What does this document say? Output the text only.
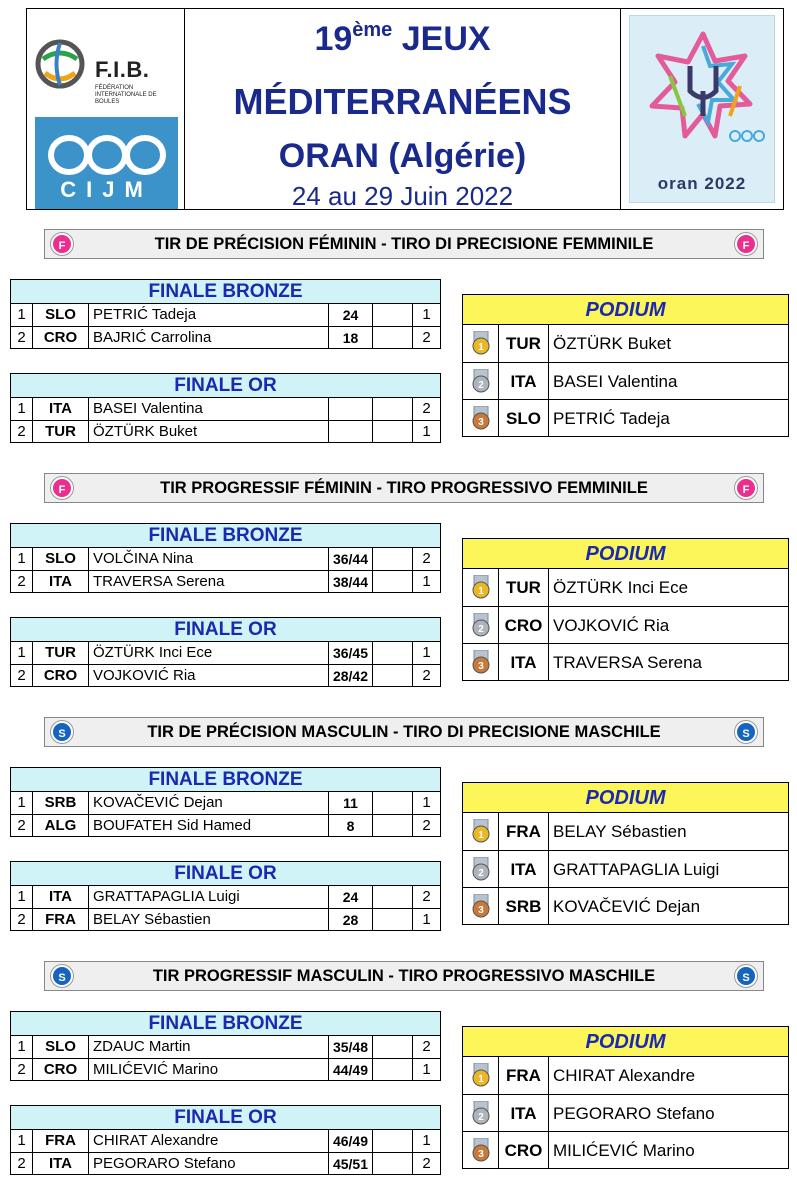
F.I.B.
FÉDÉRATION INTERNATIONALE DE BOULES
CIJM
19ème JEUX
MÉDITERRANÉENS
ORAN (Algérie)
24 au 29 Juin 2022	oran 2022
TIR DE PRÉCISION FÉMININ - TIRO DI PRECISIONE FEMMINILE
F	F
FINALE BRONZE
1	SLO	PETRIĆ Tadeja	24	1
2	CRO	BAJRIĆ Carrolina	18	2
FINALE OR
1	ITA	BASEI Valentina	2
2	TUR	ÖZTÜRK Buket	1
PODIUM
1	TUR ÖZTÜRK Buket
2	ITA BASEI Valentina
3	SLO PETRIĆ Tadeja
TIR PROGRESSIF FÉMININ - TIRO PROGRESSIVO FEMMINILE
F	F
FINALE BRONZE
1	SLO	VOLČINA Nina	36/44	2
2	ITA	TRAVERSA Serena	38/44	1
FINALE OR
1	TUR	ÖZTÜRK Inci Ece	36/45	1
2	CRO	VOJKOVIĆ Ria	28/42	2
PODIUM
1	TUR ÖZTÜRK Inci Ece
2	CRO VOJKOVIĆ Ria
3	ITA TRAVERSA Serena
TIR DE PRÉCISION MASCULIN - TIRO DI PRECISIONE MASCHILE
S	S
FINALE BRONZE
1	SRB	KOVAČEVIĆ Dejan	11	1
2	ALG	BOUFATEH Sid Hamed	8	2
FINALE OR
1	ITA	GRATTAPAGLIA Luigi	24	2
2	FRA	BELAY Sébastien	28	1
PODIUM
1	FRA BELAY Sébastien
2	ITA GRATTAPAGLIA Luigi
3	SRB KOVAČEVIĆ Dejan
TIR PROGRESSIF MASCULIN - TIRO PROGRESSIVO MASCHILE
S	S
FINALE BRONZE
1	SLO	ZDAUC Martin	35/48	2
2	CRO	MILIĆEVIĆ Marino	44/49	1
FINALE OR
1	FRA	CHIRAT Alexandre	46/49	1
2	ITA	PEGORARO Stefano	45/51	2
PODIUM
1	FRA CHIRAT Alexandre
2	ITA PEGORARO Stefano
3	CRO MILIĆEVIĆ Marino
